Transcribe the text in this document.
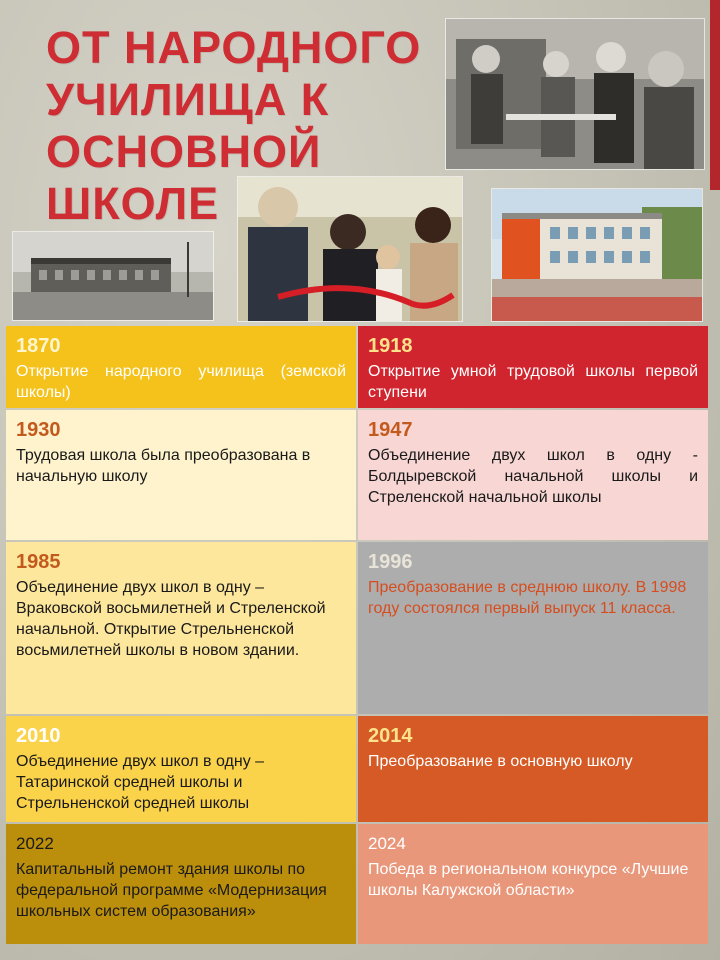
ОТ НАРОДНОГО УЧИЛИЩА К ОСНОВНОЙ ШКОЛЕ
1870
Открытие народного училища (земской школы)
1918
Открытие умной трудовой школы первой ступени
1930
Трудовая школа была преобразована в начальную школу
1947
Объединение двух школ в одну - Болдыревской начальной школы и Стреленской начальной школы
1985
Объединение двух школ в одну – Враковской восьмилетней и Стреленской начальной. Открытие Стрельненской восьмилетней школы в новом здании.
1996
Преобразование в среднюю школу. В 1998 году состоялся первый выпуск 11 класса.
2010
Объединение двух школ в одну – Татаринской средней школы и Стрельненской средней школы
2014
Преобразование в основную школу
2022
Капитальный ремонт здания школы по федеральной программе «Модернизация школьных систем образования»
2024
Победа в региональном конкурсе «Лучшие школы Калужской области»
